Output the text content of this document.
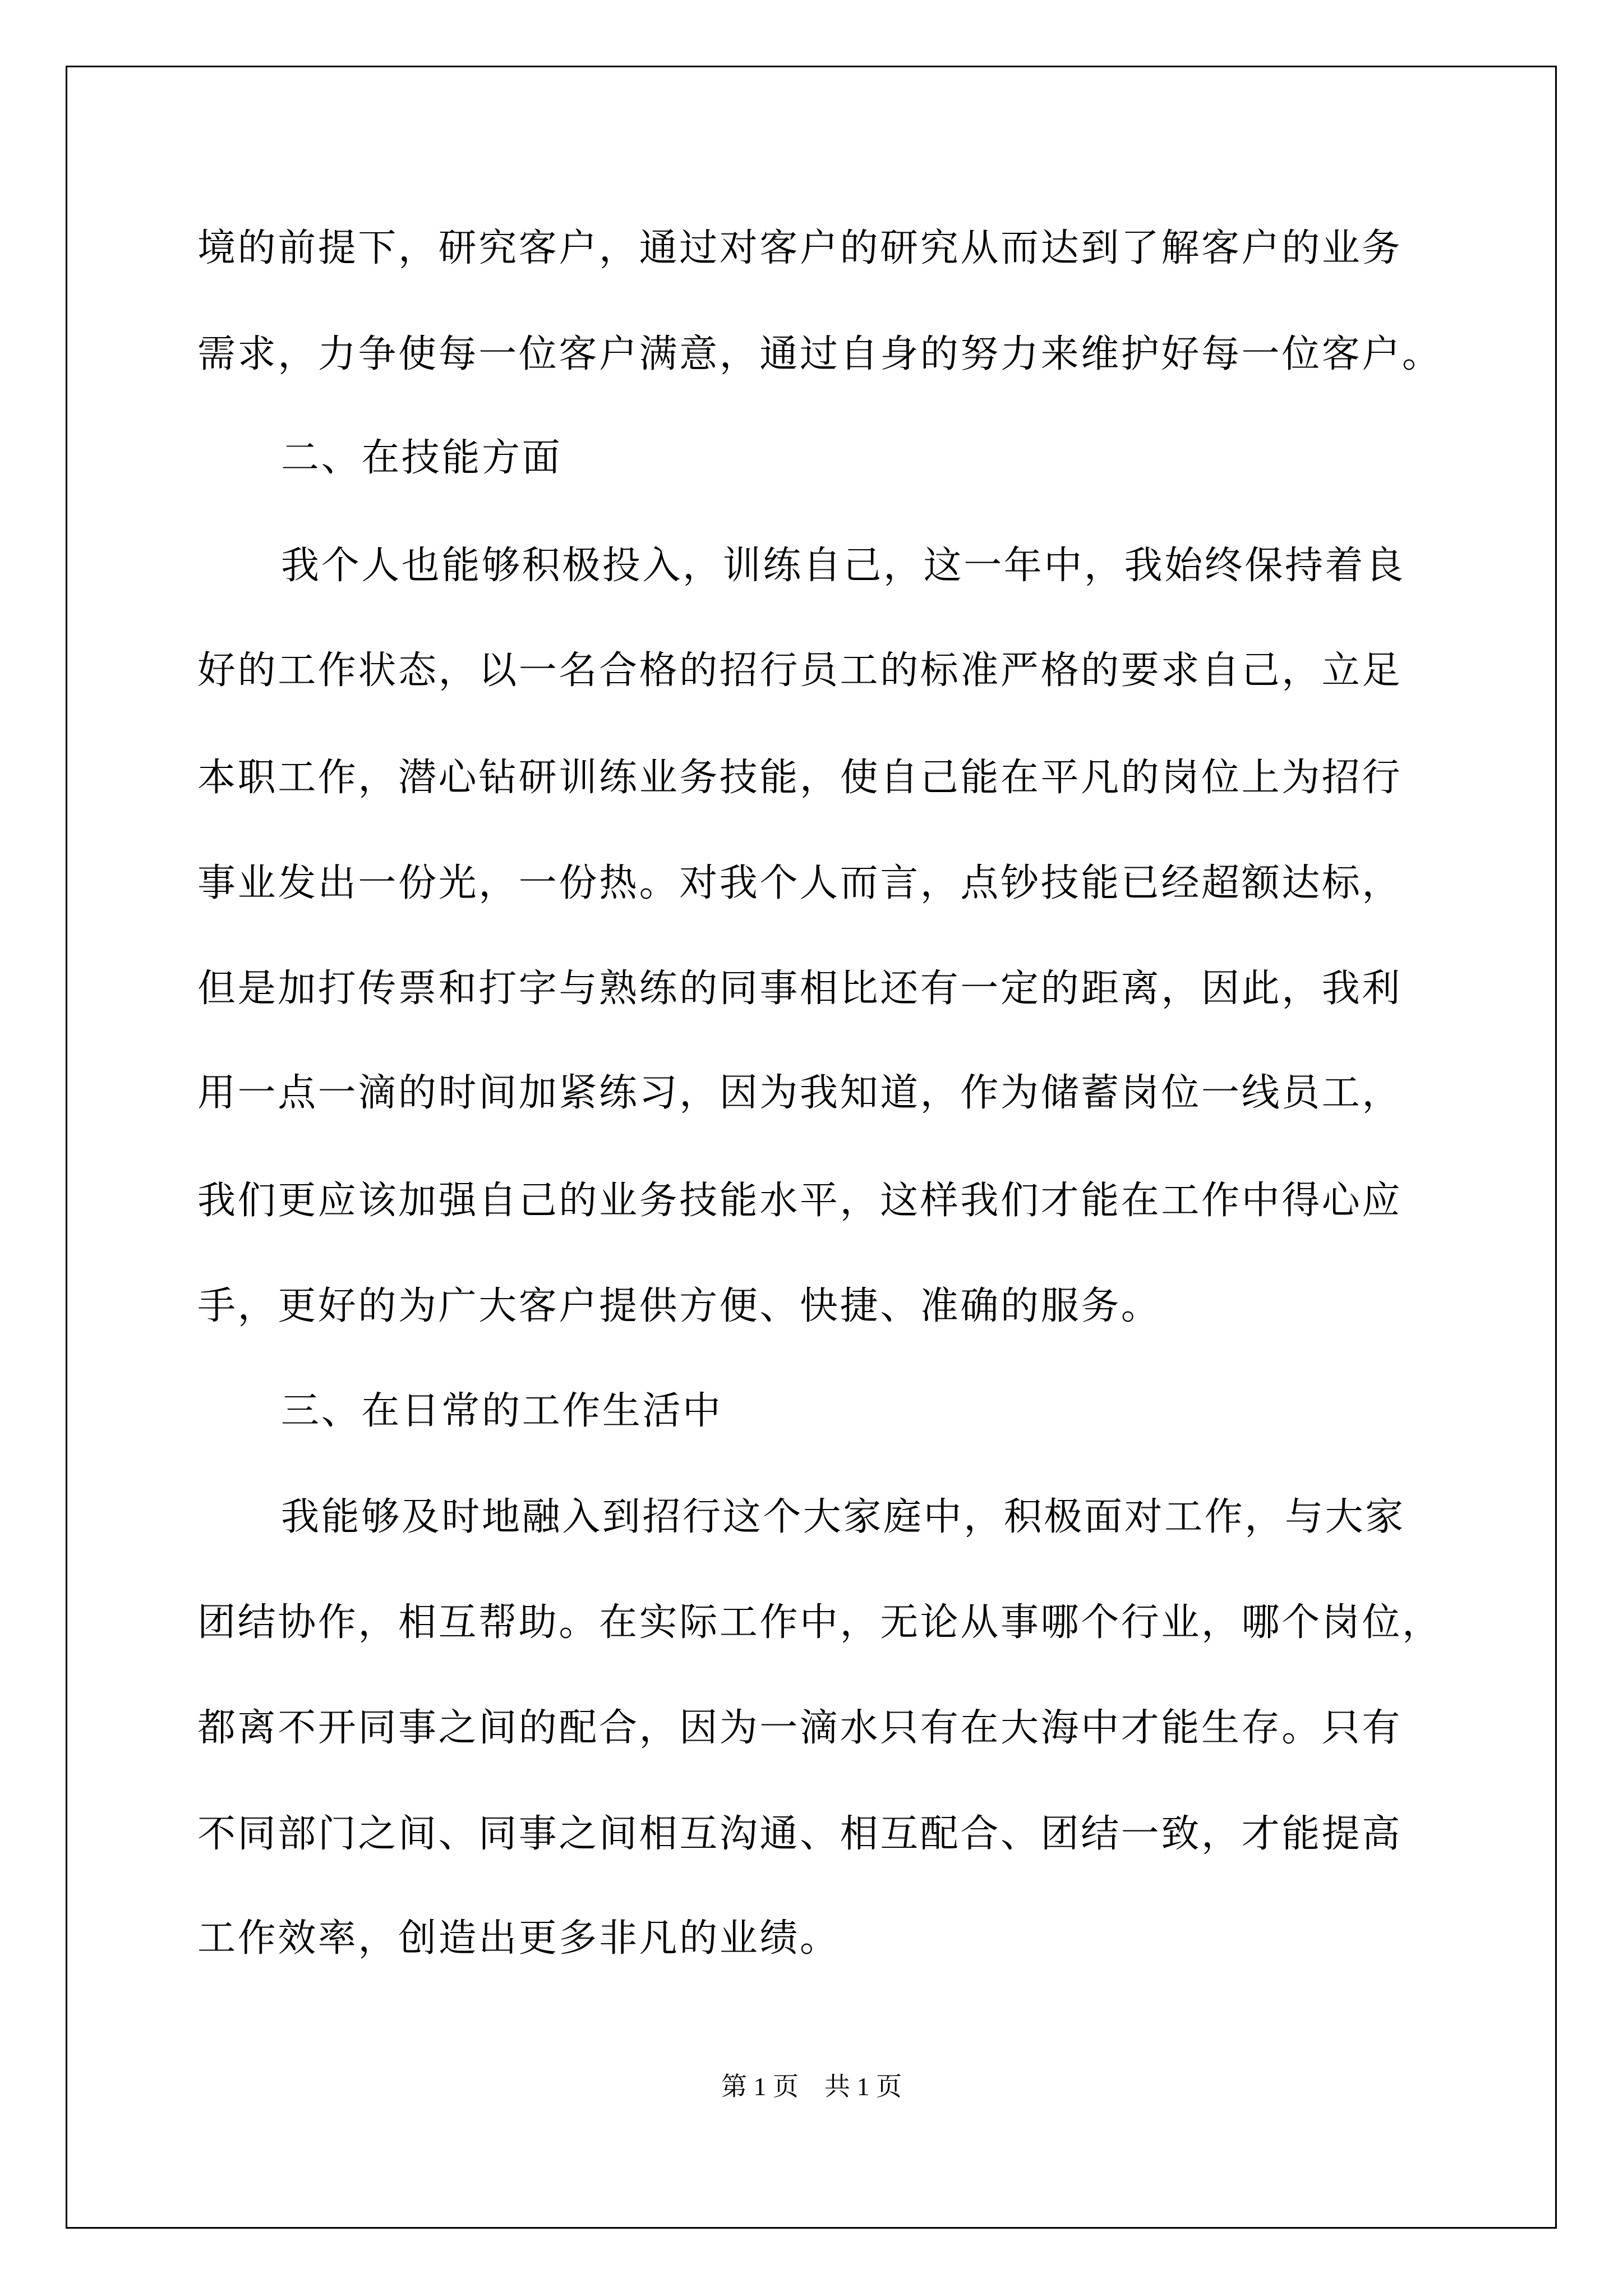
境的前提下，研究客户，通过对客户的研究从而达到了解客户的业务
需求，力争使每一位客户满意，通过自身的努力来维护好每一位客户。
二、在技能方面
我个人也能够积极投入，训练自己，这一年中，我始终保持着良
好的工作状态，以一名合格的招行员工的标准严格的要求自己，立足
本职工作，潜心钻研训练业务技能，使自己能在平凡的岗位上为招行
事业发出一份光，一份热。对我个人而言，点钞技能已经超额达标，
但是加打传票和打字与熟练的同事相比还有一定的距离，因此，我利
用一点一滴的时间加紧练习，因为我知道，作为储蓄岗位一线员工，
我们更应该加强自己的业务技能水平，这样我们才能在工作中得心应
手，更好的为广大客户提供方便、快捷、准确的服务。
三、在日常的工作生活中
我能够及时地融入到招行这个大家庭中，积极面对工作，与大家
团结协作，相互帮助。在实际工作中，无论从事哪个行业，哪个岗位，
都离不开同事之间的配合，因为一滴水只有在大海中才能生存。只有
不同部门之间、同事之间相互沟通、相互配合、团结一致，才能提高
工作效率，创造出更多非凡的业绩。
第 1 页　共 1 页
